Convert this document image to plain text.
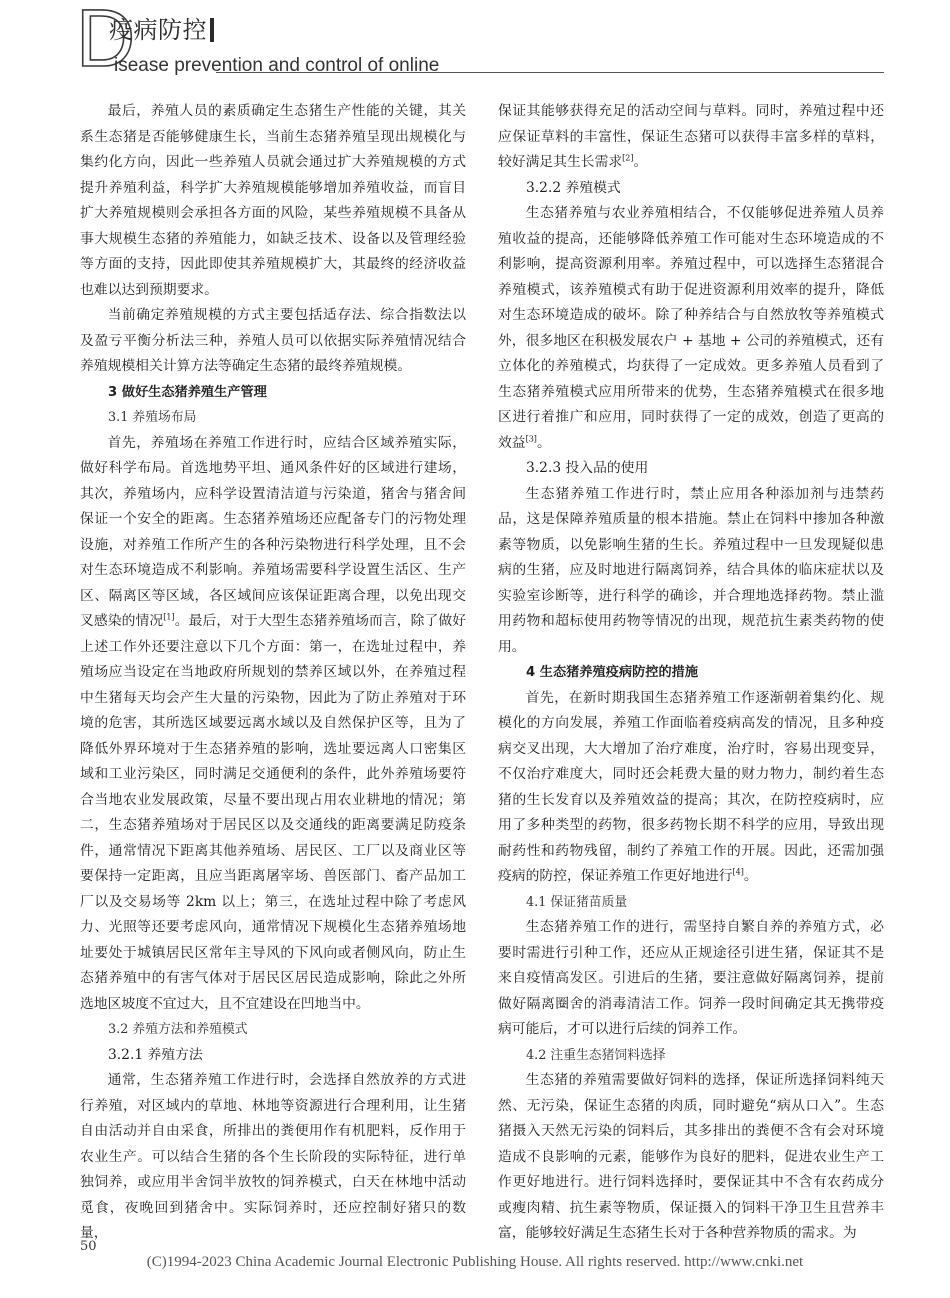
D
疫病防控
isease prevention and control of online
最后，养殖人员的素质确定生态猪生产性能的关键，其关系生态猪是否能够健康生长，当前生态猪养殖呈现出规模化与集约化方向，因此一些养殖人员就会通过扩大养殖规模的方式提升养殖利益，科学扩大养殖规模能够增加养殖收益，而盲目扩大养殖规模则会承担各方面的风险，某些养殖规模不具备从事大规模生态猪的养殖能力，如缺乏技术、设备以及管理经验等方面的支持，因此即使其养殖规模扩大，其最终的经济收益也难以达到预期要求。
当前确定养殖规模的方式主要包括适存法、综合指数法以及盈亏平衡分析法三种，养殖人员可以依据实际养殖情况结合养殖规模相关计算方法等确定生态猪的最终养殖规模。
3 做好生态猪养殖生产管理
3.1 养殖场布局
首先，养殖场在养殖工作进行时，应结合区域养殖实际，做好科学布局。首选地势平坦、通风条件好的区域进行建场，其次，养殖场内，应科学设置清洁道与污染道，猪舍与猪舍间保证一个安全的距离。生态猪养殖场还应配备专门的污物处理设施，对养殖工作所产生的各种污染物进行科学处理，且不会对生态环境造成不利影响。养殖场需要科学设置生活区、生产区、隔离区等区域，各区域间应该保证距离合理，以免出现交叉感染的情况[1]。最后，对于大型生态猪养殖场而言，除了做好上述工作外还要注意以下几个方面：第一，在选址过程中，养殖场应当设定在当地政府所规划的禁养区域以外，在养殖过程中生猪每天均会产生大量的污染物，因此为了防止养殖对于环境的危害，其所选区域要远离水域以及自然保护区等，且为了降低外界环境对于生态猪养殖的影响，选址要远离人口密集区域和工业污染区，同时满足交通便利的条件，此外养殖场要符合当地农业发展政策，尽量不要出现占用农业耕地的情况；第二，生态猪养殖场对于居民区以及交通线的距离要满足防疫条件，通常情况下距离其他养殖场、居民区、工厂以及商业区等要保持一定距离，且应当距离屠宰场、兽医部门、畜产品加工厂以及交易场等 2km 以上；第三，在选址过程中除了考虑风力、光照等还要考虑风向，通常情况下规模化生态猪养殖场地址要处于城镇居民区常年主导风的下风向或者侧风向，防止生态猪养殖中的有害气体对于居民区居民造成影响，除此之外所选地区坡度不宜过大，且不宜建设在凹地当中。
3.2 养殖方法和养殖模式
3.2.1 养殖方法
通常，生态猪养殖工作进行时，会选择自然放养的方式进行养殖，对区域内的草地、林地等资源进行合理利用，让生猪自由活动并自由采食，所排出的粪便用作有机肥料，反作用于农业生产。可以结合生猪的各个生长阶段的实际特征，进行单独饲养，或应用半舍饲半放牧的饲养模式，白天在林地中活动觅食，夜晚回到猪舍中。实际饲养时，还应控制好猪只的数量，
保证其能够获得充足的活动空间与草料。同时，养殖过程中还应保证草料的丰富性，保证生态猪可以获得丰富多样的草料，较好满足其生长需求[2]。
3.2.2 养殖模式
生态猪养殖与农业养殖相结合，不仅能够促进养殖人员养殖收益的提高，还能够降低养殖工作可能对生态环境造成的不利影响，提高资源利用率。养殖过程中，可以选择生态猪混合养殖模式，该养殖模式有助于促进资源利用效率的提升，降低对生态环境造成的破坏。除了种养结合与自然放牧等养殖模式外，很多地区在积极发展农户 + 基地 + 公司的养殖模式，还有立体化的养殖模式，均获得了一定成效。更多养殖人员看到了生态猪养殖模式应用所带来的优势，生态猪养殖模式在很多地区进行着推广和应用，同时获得了一定的成效，创造了更高的效益[3]。
3.2.3 投入品的使用
生态猪养殖工作进行时，禁止应用各种添加剂与违禁药品，这是保障养殖质量的根本措施。禁止在饲料中掺加各种激素等物质，以免影响生猪的生长。养殖过程中一旦发现疑似患病的生猪，应及时地进行隔离饲养，结合具体的临床症状以及实验室诊断等，进行科学的确诊，并合理地选择药物。禁止滥用药物和超标使用药物等情况的出现，规范抗生素类药物的使用。
4 生态猪养殖疫病防控的措施
首先，在新时期我国生态猪养殖工作逐渐朝着集约化、规模化的方向发展，养殖工作面临着疫病高发的情况，且多种疫病交叉出现，大大增加了治疗难度，治疗时，容易出现变异，不仅治疗难度大，同时还会耗费大量的财力物力，制约着生态猪的生长发育以及养殖效益的提高；其次，在防控疫病时，应用了多种类型的药物，很多药物长期不科学的应用，导致出现耐药性和药物残留，制约了养殖工作的开展。因此，还需加强疫病的防控，保证养殖工作更好地进行[4]。
4.1 保证猪苗质量
生态猪养殖工作的进行，需坚持自繁自养的养殖方式，必要时需进行引种工作，还应从正规途径引进生猪，保证其不是来自疫情高发区。引进后的生猪，要注意做好隔离饲养，提前做好隔离圈舍的消毒清洁工作。饲养一段时间确定其无携带疫病可能后，才可以进行后续的饲养工作。
4.2 注重生态猪饲料选择
生态猪的养殖需要做好饲料的选择，保证所选择饲料纯天然、无污染，保证生态猪的肉质，同时避免“病从口入”。生态猪摄入天然无污染的饲料后，其多排出的粪便不含有会对环境造成不良影响的元素，能够作为良好的肥料，促进农业生产工作更好地进行。进行饲料选择时，要保证其中不含有农药成分或瘦肉精、抗生素等物质，保证摄入的饲料干净卫生且营养丰富，能够较好满足生态猪生长对于各种营养物质的需求。为
50
(C)1994-2023 China Academic Journal Electronic Publishing House. All rights reserved. http://www.cnki.net
